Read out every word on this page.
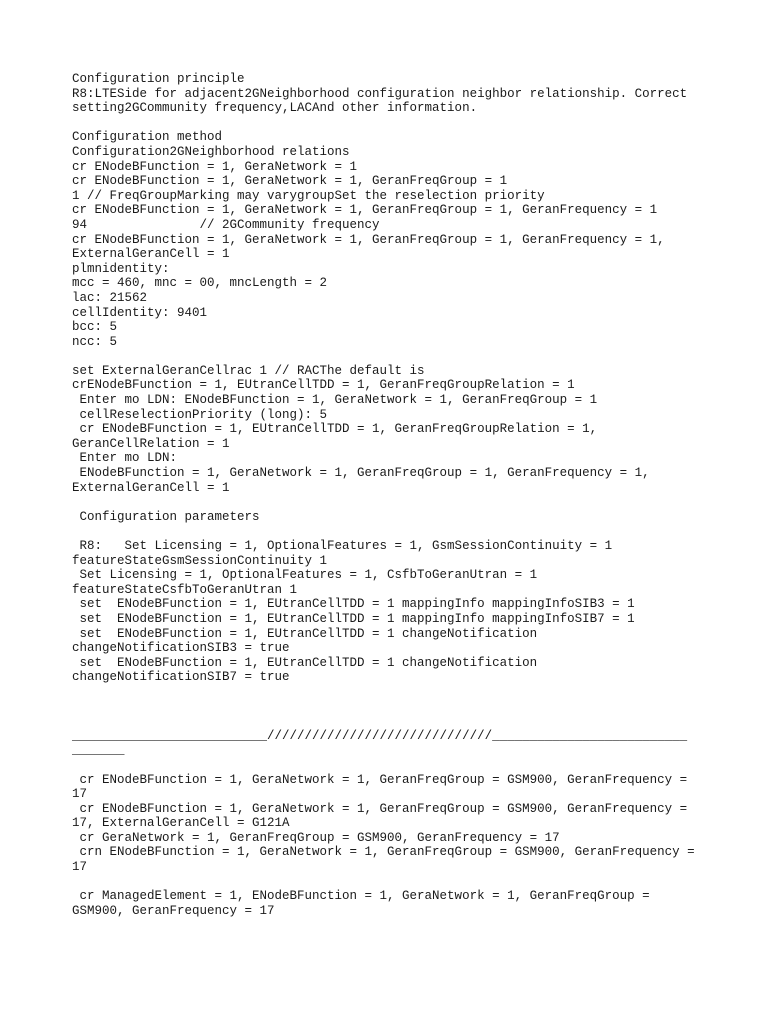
Configuration principle
R8:LTESide for adjacent2GNeighborhood configuration neighbor relationship. Correct
setting2GCommunity frequency,LACAnd other information.
Configuration method
Configuration2GNeighborhood relations
cr ENodeBFunction = 1, GeraNetwork = 1
cr ENodeBFunction = 1, GeraNetwork = 1, GeranFreqGroup = 1
1 // FreqGroupMarking may varygroupSet the reselection priority
cr ENodeBFunction = 1, GeraNetwork = 1, GeranFreqGroup = 1, GeranFrequency = 1
94               // 2GCommunity frequency
cr ENodeBFunction = 1, GeraNetwork = 1, GeranFreqGroup = 1, GeranFrequency = 1,
ExternalGeranCell = 1
plmnidentity:
mcc = 460, mnc = 00, mncLength = 2
lac: 21562
cellIdentity: 9401
bcc: 5
ncc: 5
set ExternalGeranCellrac 1 // RACThe default is
crENodeBFunction = 1, EUtranCellTDD = 1, GeranFreqGroupRelation = 1
Enter mo LDN: ENodeBFunction = 1, GeraNetwork = 1, GeranFreqGroup = 1
cellReselectionPriority (long): 5
cr ENodeBFunction = 1, EUtranCellTDD = 1, GeranFreqGroupRelation = 1,
GeranCellRelation = 1
Enter mo LDN:
ENodeBFunction = 1, GeraNetwork = 1, GeranFreqGroup = 1, GeranFrequency = 1,
ExternalGeranCell = 1
Configuration parameters
R8:   Set Licensing = 1, OptionalFeatures = 1, GsmSessionContinuity = 1
featureStateGsmSessionContinuity 1
Set Licensing = 1, OptionalFeatures = 1, CsfbToGeranUtran = 1
featureStateCsfbToGeranUtran 1
set  ENodeBFunction = 1, EUtranCellTDD = 1 mappingInfo mappingInfoSIB3 = 1
set  ENodeBFunction = 1, EUtranCellTDD = 1 mappingInfo mappingInfoSIB7 = 1
set  ENodeBFunction = 1, EUtranCellTDD = 1 changeNotification
changeNotificationSIB3 = true
set  ENodeBFunction = 1, EUtranCellTDD = 1 changeNotification
changeNotificationSIB7 = true
__________________________//////////////////////////////__________________________
_______
cr ENodeBFunction = 1, GeraNetwork = 1, GeranFreqGroup = GSM900, GeranFrequency =
17
cr ENodeBFunction = 1, GeraNetwork = 1, GeranFreqGroup = GSM900, GeranFrequency =
17, ExternalGeranCell = G121A
cr GeraNetwork = 1, GeranFreqGroup = GSM900, GeranFrequency = 17
crn ENodeBFunction = 1, GeraNetwork = 1, GeranFreqGroup = GSM900, GeranFrequency =
17
cr ManagedElement = 1, ENodeBFunction = 1, GeraNetwork = 1, GeranFreqGroup =
GSM900, GeranFrequency = 17
